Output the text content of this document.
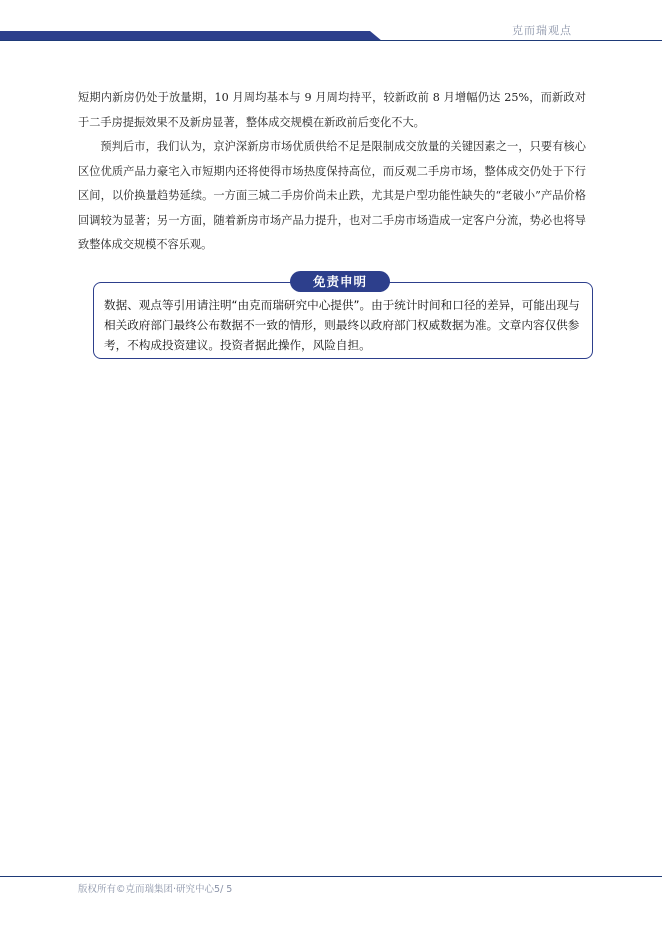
克而瑞观点

短期内新房仍处于放量期，10 月周均基本与 9 月周均持平，较新政前 8 月增幅仍达 25%，而新政对于二手房提振效果不及新房显著，整体成交规模在新政前后变化不大。

预判后市，我们认为，京沪深新房市场优质供给不足是限制成交放量的关键因素之一，只要有核心区位优质产品力豪宅入市短期内还将使得市场热度保持高位，而反观二手房市场，整体成交仍处于下行区间，以价换量趋势延续。一方面三城二手房价尚未止跌，尤其是户型功能性缺失的“老破小”产品价格回调较为显著；另一方面，随着新房市场产品力提升，也对二手房市场造成一定客户分流，势必也将导致整体成交规模不容乐观。

免责申明
数据、观点等引用请注明“由克而瑞研究中心提供”。由于统计时间和口径的差异，可能出现与相关政府部门最终公布数据不一致的情形，则最终以政府部门权威数据为准。文章内容仅供参考，不构成投资建议。投资者据此操作，风险自担。
版权所有©克而瑞集团·研究中心5/ 5
